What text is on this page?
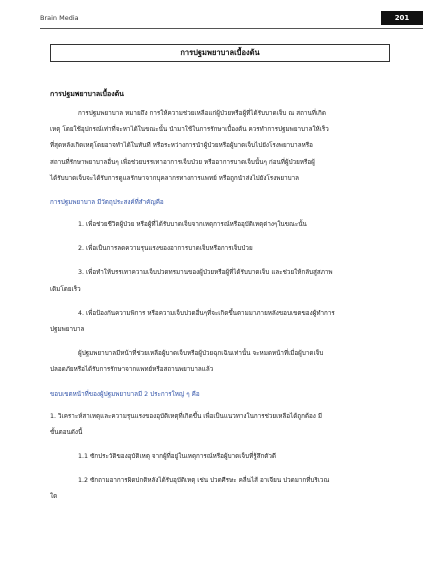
Brain Media	201
การปฐมพยาบาลเบื้องต้น
การปฐมพยาบาลเบื้องต้น

การปฐมพยาบาล หมายถึง การให้ความช่วยเหลือแก่ผู้ป่วยหรือผู้ที่ได้รับบาดเจ็บ ณ สถานที่เกิด

เหตุ โดยใช้อุปกรณ์เท่าที่จะหาได้ในขณะนั้น นำมาใช้ในการรักษาเบื้องต้น ควรทำการปฐมพยาบาลให้เร็ว

ที่สุดหลังเกิดเหตุโดยอาจทำได้ในทันที หรือระหว่างการนำผู้ป่วยหรือผู้บาดเจ็บไปยังโรงพยาบาลหรือ

สถานที่รักษาพยาบาลอื่นๆ เพื่อช่วยบรรเทาอาการเจ็บป่วย หรืออาการบาดเจ็บนั้นๆ ก่อนที่ผู้ป่วยหรือผู้

ได้รับบาดเจ็บจะได้รับการดูแลรักษาจากบุคลากรทางการแพทย์ หรือถูกนำส่งไปยังโรงพยาบาล

การปฐมพยาบาล มีวัตถุประสงค์ที่สำคัญคือ

1. เพื่อช่วยชีวิตผู้ป่วย หรือผู้ที่ได้รับบาดเจ็บจากเหตุการณ์หรืออุบัติเหตุต่างๆในขณะนั้น

2. เพื่อเป็นการลดความรุนแรงของอาการบาดเจ็บหรือการเจ็บป่วย

3. เพื่อทำให้บรรเทาความเจ็บปวดทรมานของผู้ป่วยหรือผู้ที่ได้รับบาดเจ็บ และช่วยให้กลับสู่สภาพ

เดิมโดยเร็ว

4. เพื่อป้องกันความพิการ หรือความเจ็บปวดอื่นๆที่จะเกิดขึ้นตามมาภายหลังขอบเขตของผู้ทำการ

ปฐมพยาบาล

ผู้ปฐมพยาบาลมีหน้าที่ช่วยเหลือผู้บาดเจ็บหรือผู้ป่วยฉุกเฉินเท่านั้น จะหมดหน้าที่เมื่อผู้บาดเจ็บ

ปลอดภัยหรือได้รับการรักษาจากแพทย์หรือสถานพยาบาลแล้ว

ขอบเขตหน้าที่ของผู้ปฐมพยาบาลมี 2 ประการใหญ่ ๆ คือ

1. วิเคราะห์สาเหตุและความรุนแรงของอุบัติเหตุที่เกิดขึ้น เพื่อเป็นแนวทางในการช่วยเหลือได้ถูกต้อง มี

ขั้นตอนดังนี้

1.1 ซักประวัติของอุบัติเหตุ จากผู้ที่อยู่ในเหตุการณ์หรือผู้บาดเจ็บที่รู้สึกตัวดี

1.2 ซักถามอาการผิดปกติหลังได้รับอุบัติเหตุ เช่น ปวดศีรษะ คลื่นไส้ อาเจียน ปวดมากที่บริเวณ

ใด
